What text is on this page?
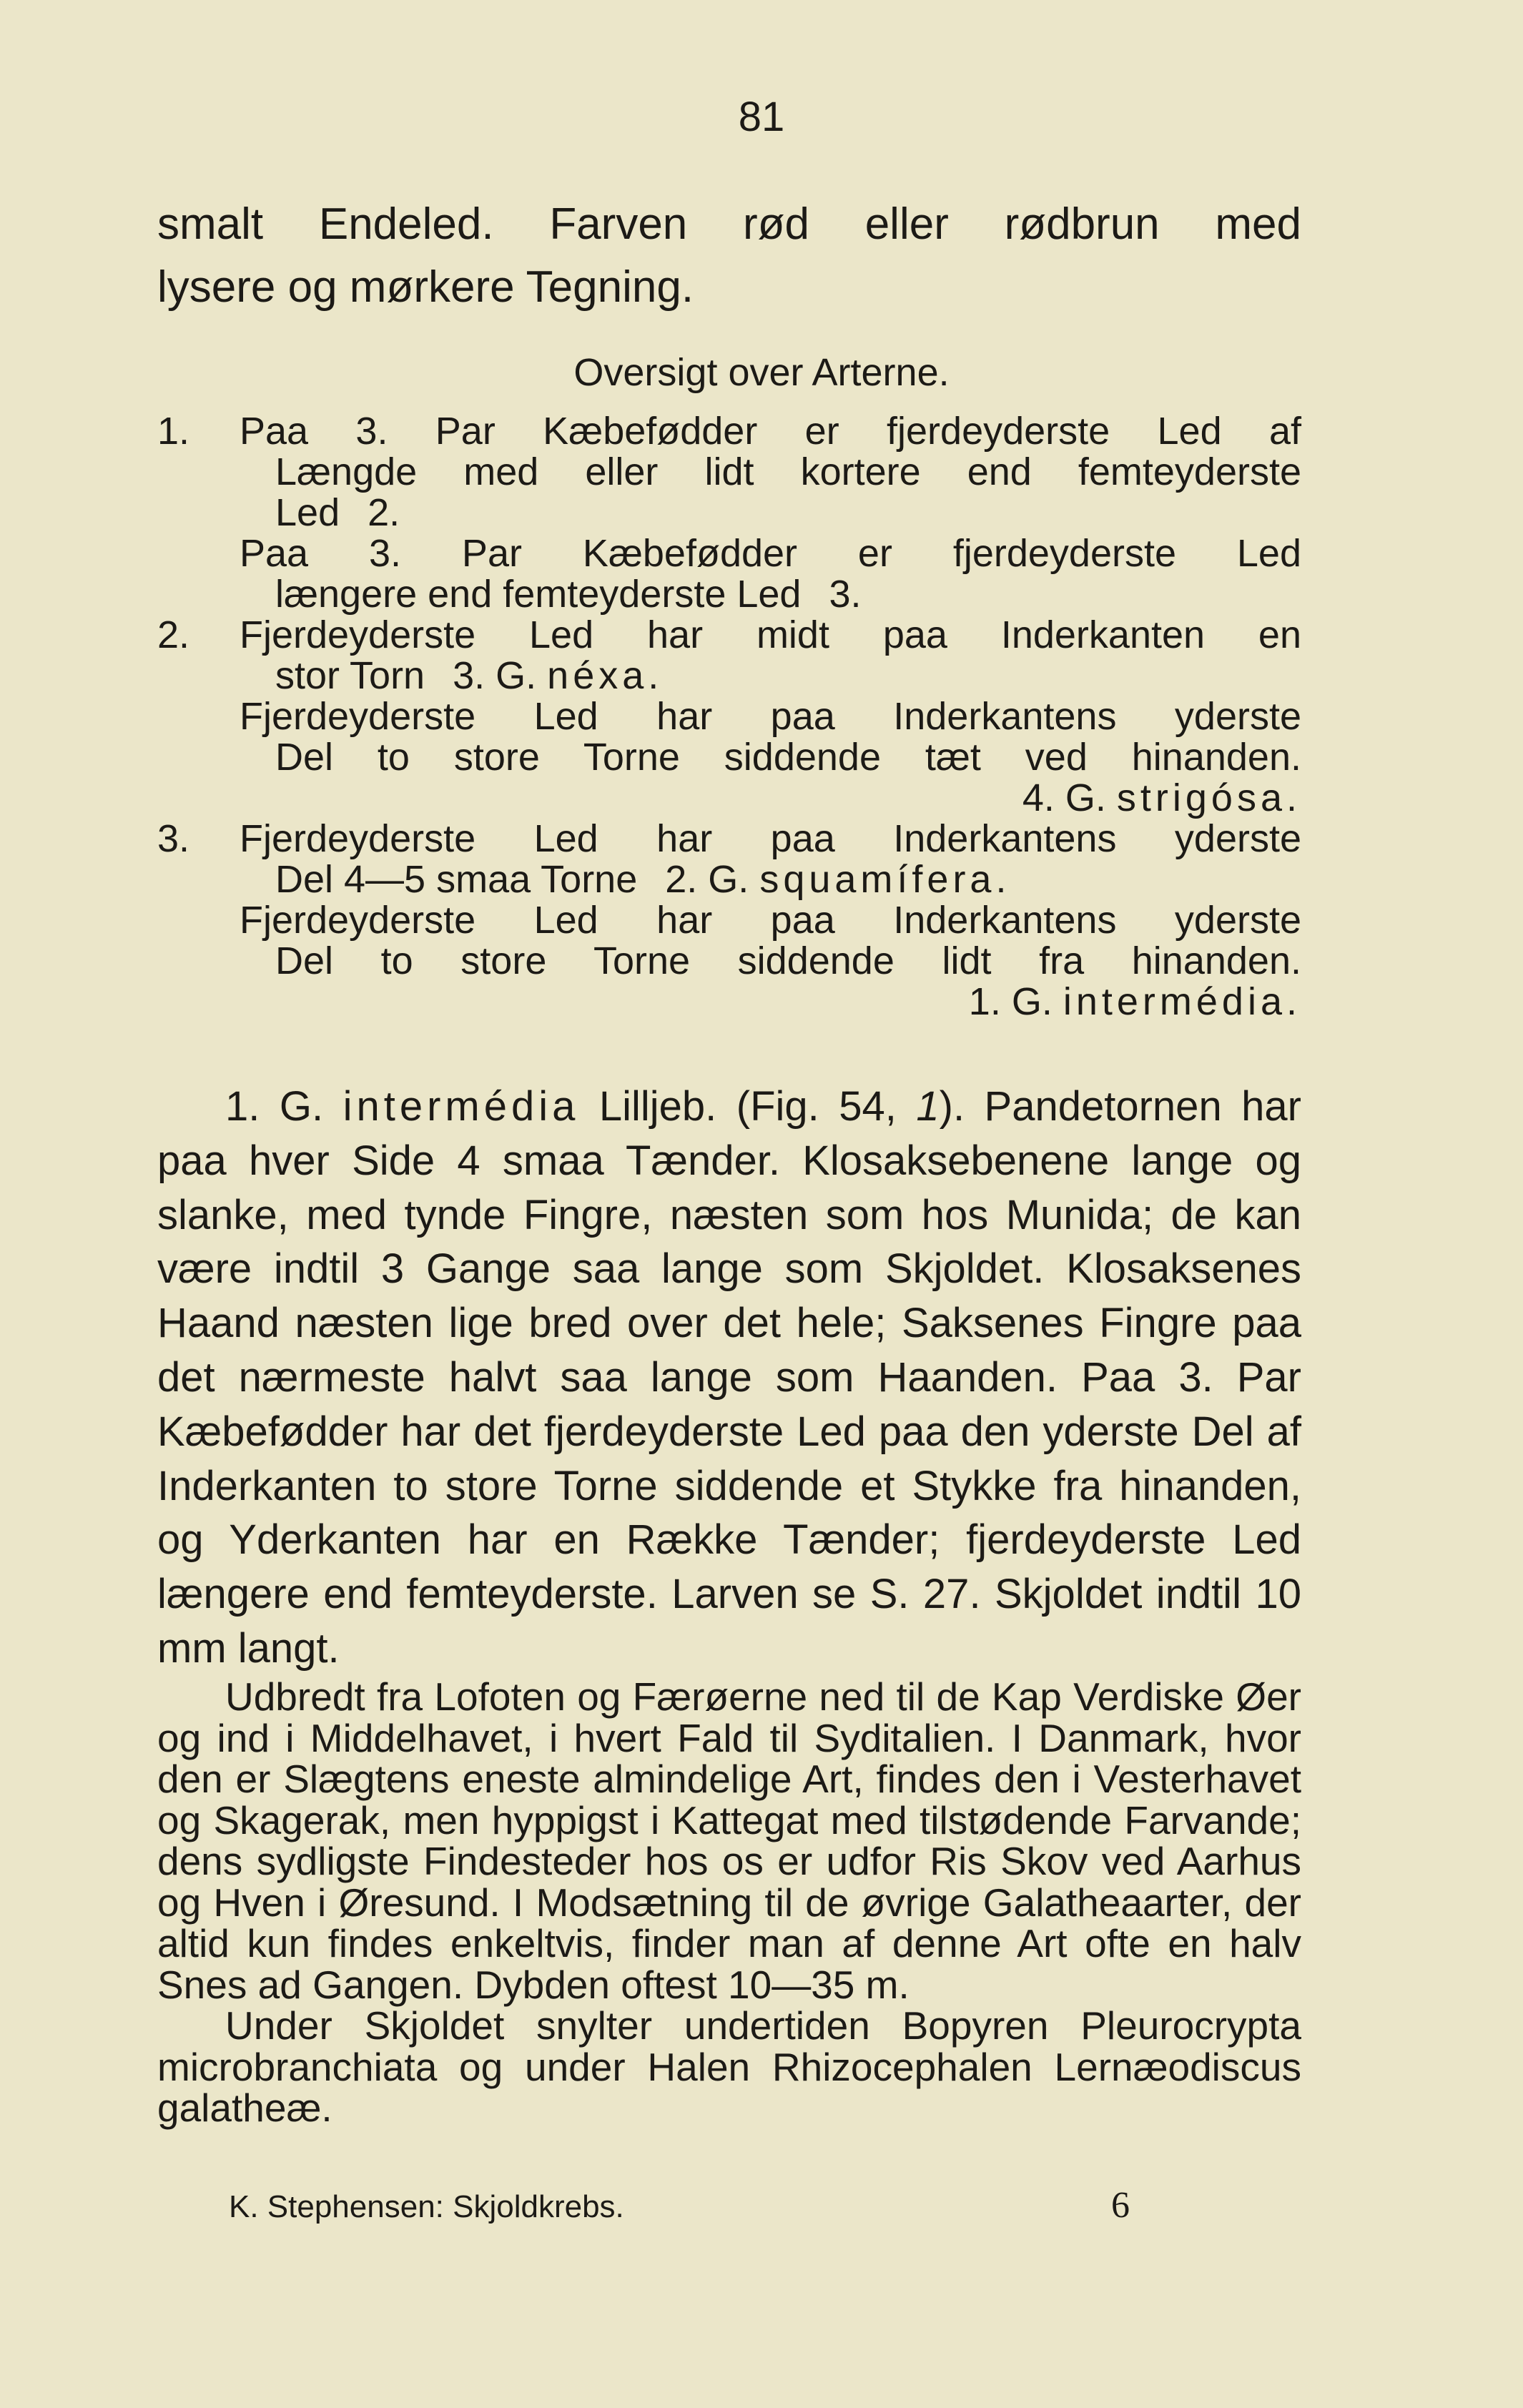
81

smalt Endeled. Farven rød eller rødbrun med

lysere og mørkere Tegning.

Oversigt over Arterne.
1.	Paa 3. Par Kæbefødder er fjerdeyderste Led af
Længde med eller lidt kortere end femteyderste
Led 2.
Paa 3. Par Kæbefødder er fjerdeyderste Led
længere end femteyderste Led 3.
2.	Fjerdeyderste Led har midt paa Inderkanten en
stor Torn 3. G. néxa.
Fjerdeyderste Led har paa Inderkantens yderste
Del to store Torne siddende tæt ved hinanden.
4. G. strigósa.
3.	Fjerdeyderste Led har paa Inderkantens yderste
Del 4—5 smaa Torne 2. G. squamífera.
Fjerdeyderste Led har paa Inderkantens yderste
Del to store Torne siddende lidt fra hinanden.
1. G. intermédia.

1. G. intermédia Lilljeb. (Fig. 54, 1). Pandetornen har paa hver Side 4 smaa Tænder. Klosaksebenene lange og slanke, med tynde Fingre, næsten som hos Munida; de kan være indtil 3 Gange saa lange som Skjoldet. Klosaksenes Haand næsten lige bred over det hele; Saksenes Fingre paa det nærmeste halvt saa lange som Haanden. Paa 3. Par Kæbefødder har det fjerdeyderste Led paa den yderste Del af Inderkanten to store Torne siddende et Stykke fra hinanden, og Yderkanten har en Række Tænder; fjerdeyderste Led længere end femteyderste. Larven se S. 27. Skjoldet indtil 10 mm langt.

Udbredt fra Lofoten og Færøerne ned til de Kap Verdiske Øer og ind i Middelhavet, i hvert Fald til Syditalien. I Danmark, hvor den er Slægtens eneste almindelige Art, findes den i Vesterhavet og Skagerak, men hyppigst i Kattegat med tilstødende Farvande; dens sydligste Findesteder hos os er udfor Ris Skov ved Aarhus og Hven i Øresund. I Modsætning til de øvrige Galatheaarter, der altid kun findes enkeltvis, finder man af denne Art ofte en halv Snes ad Gangen. Dybden oftest 10—35 m.

Under Skjoldet snylter undertiden Bopyren Pleurocrypta microbranchiata og under Halen Rhizocephalen Lernæodiscus galatheæ.

K. Stephensen: Skjoldkrebs.	6
